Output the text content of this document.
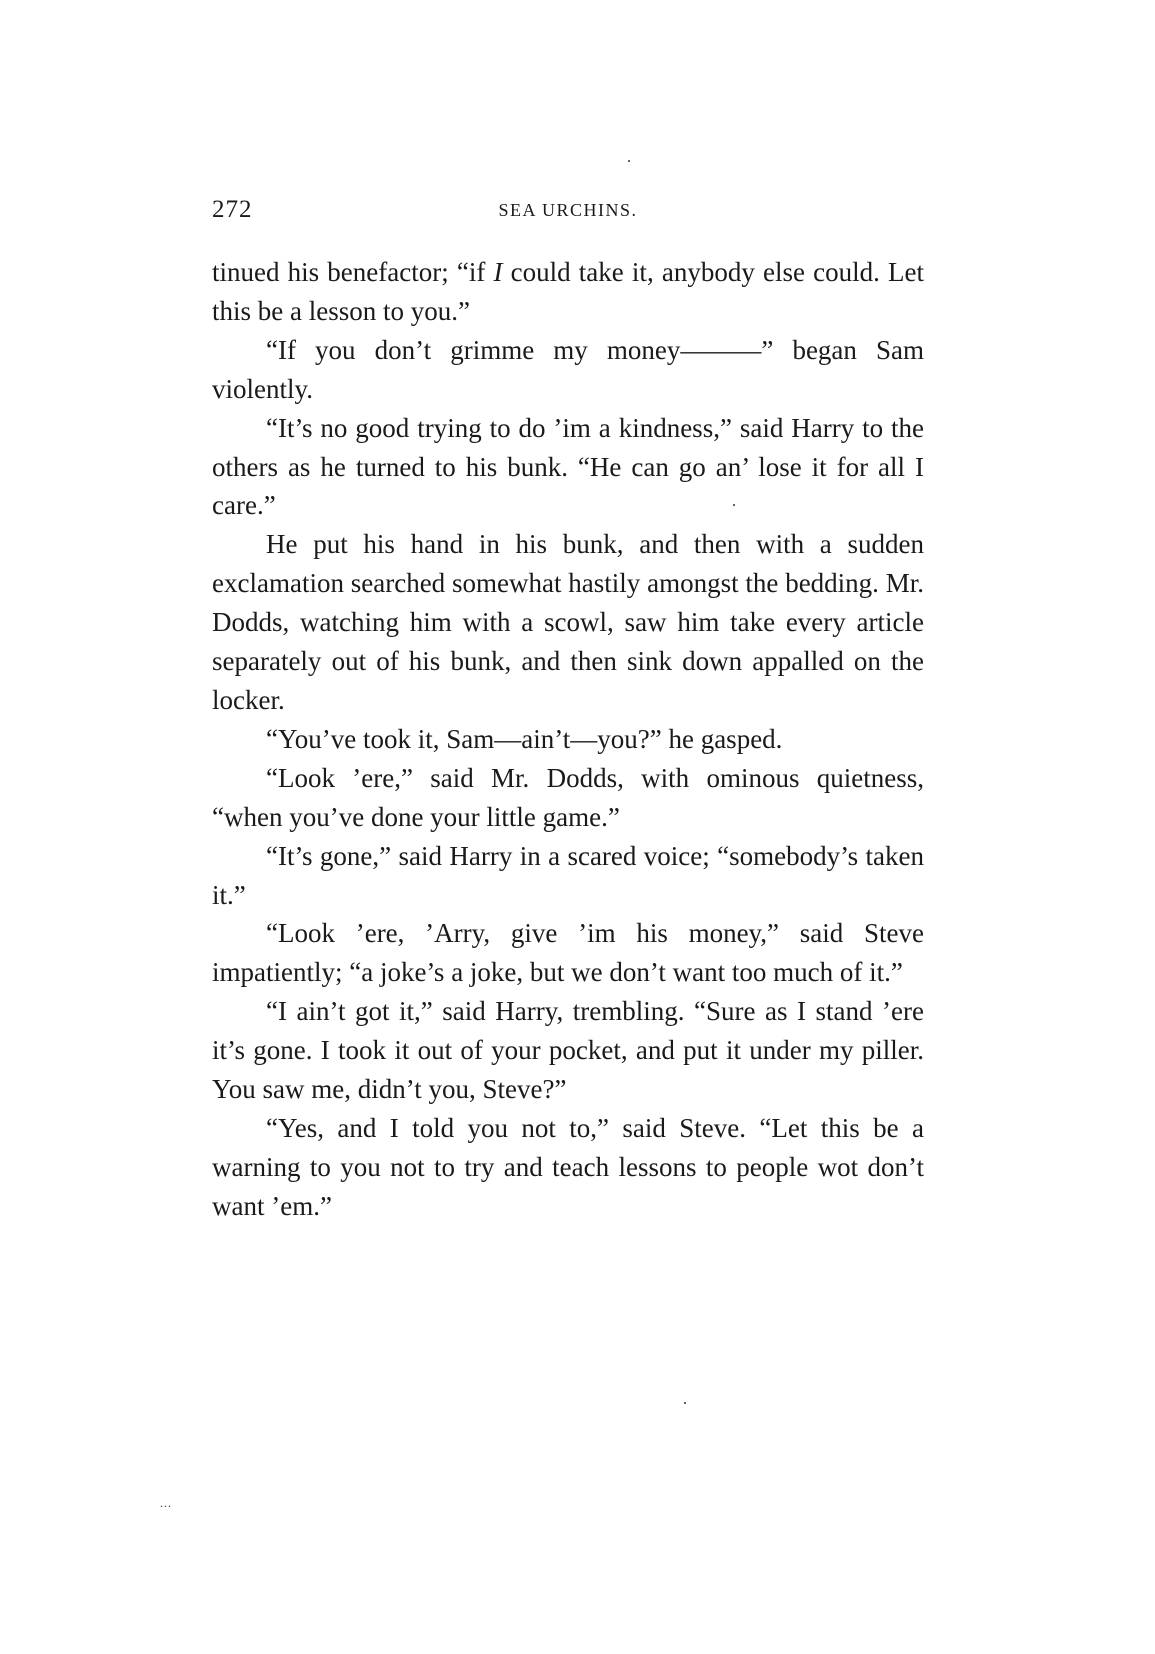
272	SEA URCHINS.

tinued his benefactor; “if I could take it, anybody else could. Let this be a lesson to you.”

“If you don’t grimme my money———” began Sam violently.

“It’s no good trying to do ’im a kindness,” said Harry to the others as he turned to his bunk. “He can go an’ lose it for all I care.”

He put his hand in his bunk, and then with a sudden exclamation searched somewhat hastily amongst the bedding. Mr. Dodds, watching him with a scowl, saw him take every article separately out of his bunk, and then sink down appalled on the locker.

“You’ve took it, Sam—ain’t—you?” he gasped.

“Look ’ere,” said Mr. Dodds, with ominous quietness, “when you’ve done your little game.”

“It’s gone,” said Harry in a scared voice; “somebody’s taken it.”

“Look ’ere, ’Arry, give ’im his money,” said Steve impatiently; “a joke’s a joke, but we don’t want too much of it.”

“I ain’t got it,” said Harry, trembling. “Sure as I stand ’ere it’s gone. I took it out of your pocket, and put it under my piller. You saw me, didn’t you, Steve?”

“Yes, and I told you not to,” said Steve. “Let this be a warning to you not to try and teach lessons to people wot don’t want ’em.”

...
